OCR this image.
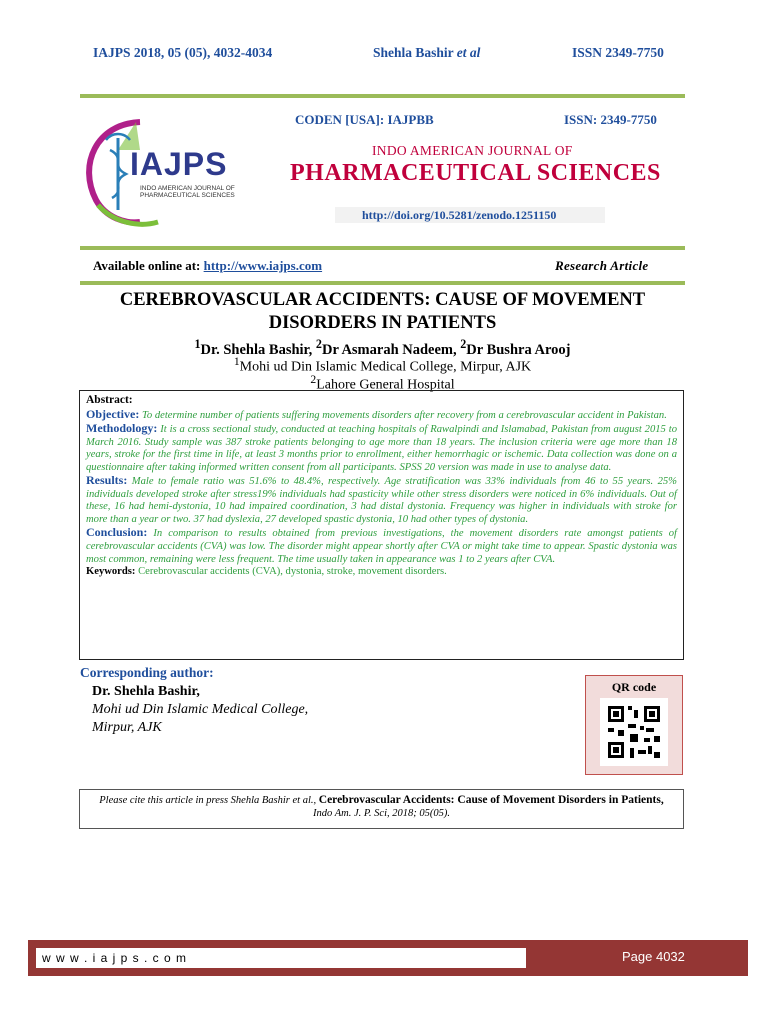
IAJPS 2018, 05 (05), 4032-4034	Shehla Bashir et al	ISSN 2349-7750
IAJPS
INDO AMERICAN JOURNAL OF
PHARMACEUTICAL SCIENCES
CODEN [USA]: IAJPBB	ISSN: 2349-7750
INDO AMERICAN JOURNAL OF
PHARMACEUTICAL SCIENCES
http://doi.org/10.5281/zenodo.1251150
Available online at: http://www.iajps.com	Research Article
CEREBROVASCULAR ACCIDENTS: CAUSE OF MOVEMENT
DISORDERS IN PATIENTS
$^1$Dr. Shehla Bashir, $^2$Dr Asmarah Nadeem, $^2$Dr Bushra Arooj
$^1$Mohi ud Din Islamic Medical College, Mirpur, AJK
$^2$Lahore General Hospital

Abstract:

Objective: To determine number of patients suffering movements disorders after recovery from a cerebrovascular accident in Pakistan.

Methodology: It is a cross sectional study, conducted at teaching hospitals of Rawalpindi and Islamabad, Pakistan from august 2015 to March 2016. Study sample was 387 stroke patients belonging to age more than 18 years. The inclusion criteria were age more than 18 years, stroke for the first time in life, at least 3 months prior to enrollment, either hemorrhagic or ischemic. Data collection was done on a questionnaire after taking informed written consent from all participants. SPSS 20 version was made in use to analyse data.

Results: Male to female ratio was 51.6% to 48.4%, respectively. Age stratification was 33% individuals from 46 to 55 years. 25% individuals developed stroke after stress19% individuals had spasticity while other stress disorders were noticed in 6% individuals. Out of these, 16 had hemi-dystonia, 10 had impaired coordination, 3 had distal dystonia. Frequency was higher in individuals with stroke for more than a year or two. 37 had dyslexia, 27 developed spastic dystonia, 10 had other types of dystonia.

Conclusion: In comparison to results obtained from previous investigations, the movement disorders rate amongst patients of cerebrovascular accidents (CVA) was low. The disorder might appear shortly after CVA or might take time to appear. Spastic dystonia was most common, remaining were less frequent. The time usually taken in appearance was 1 to 2 years after CVA.

Keywords: Cerebrovascular accidents (CVA), dystonia, stroke, movement disorders.

Corresponding author:
Dr. Shehla Bashir,
Mohi ud Din Islamic Medical College,
Mirpur, AJK
QR code
Please cite this article in press Shehla Bashir et al., Cerebrovascular Accidents: Cause of Movement Disorders in Patients, Indo Am. J. P. Sci, 2018; 05(05).
w w w . i a j p s . c o m	Page 4032
